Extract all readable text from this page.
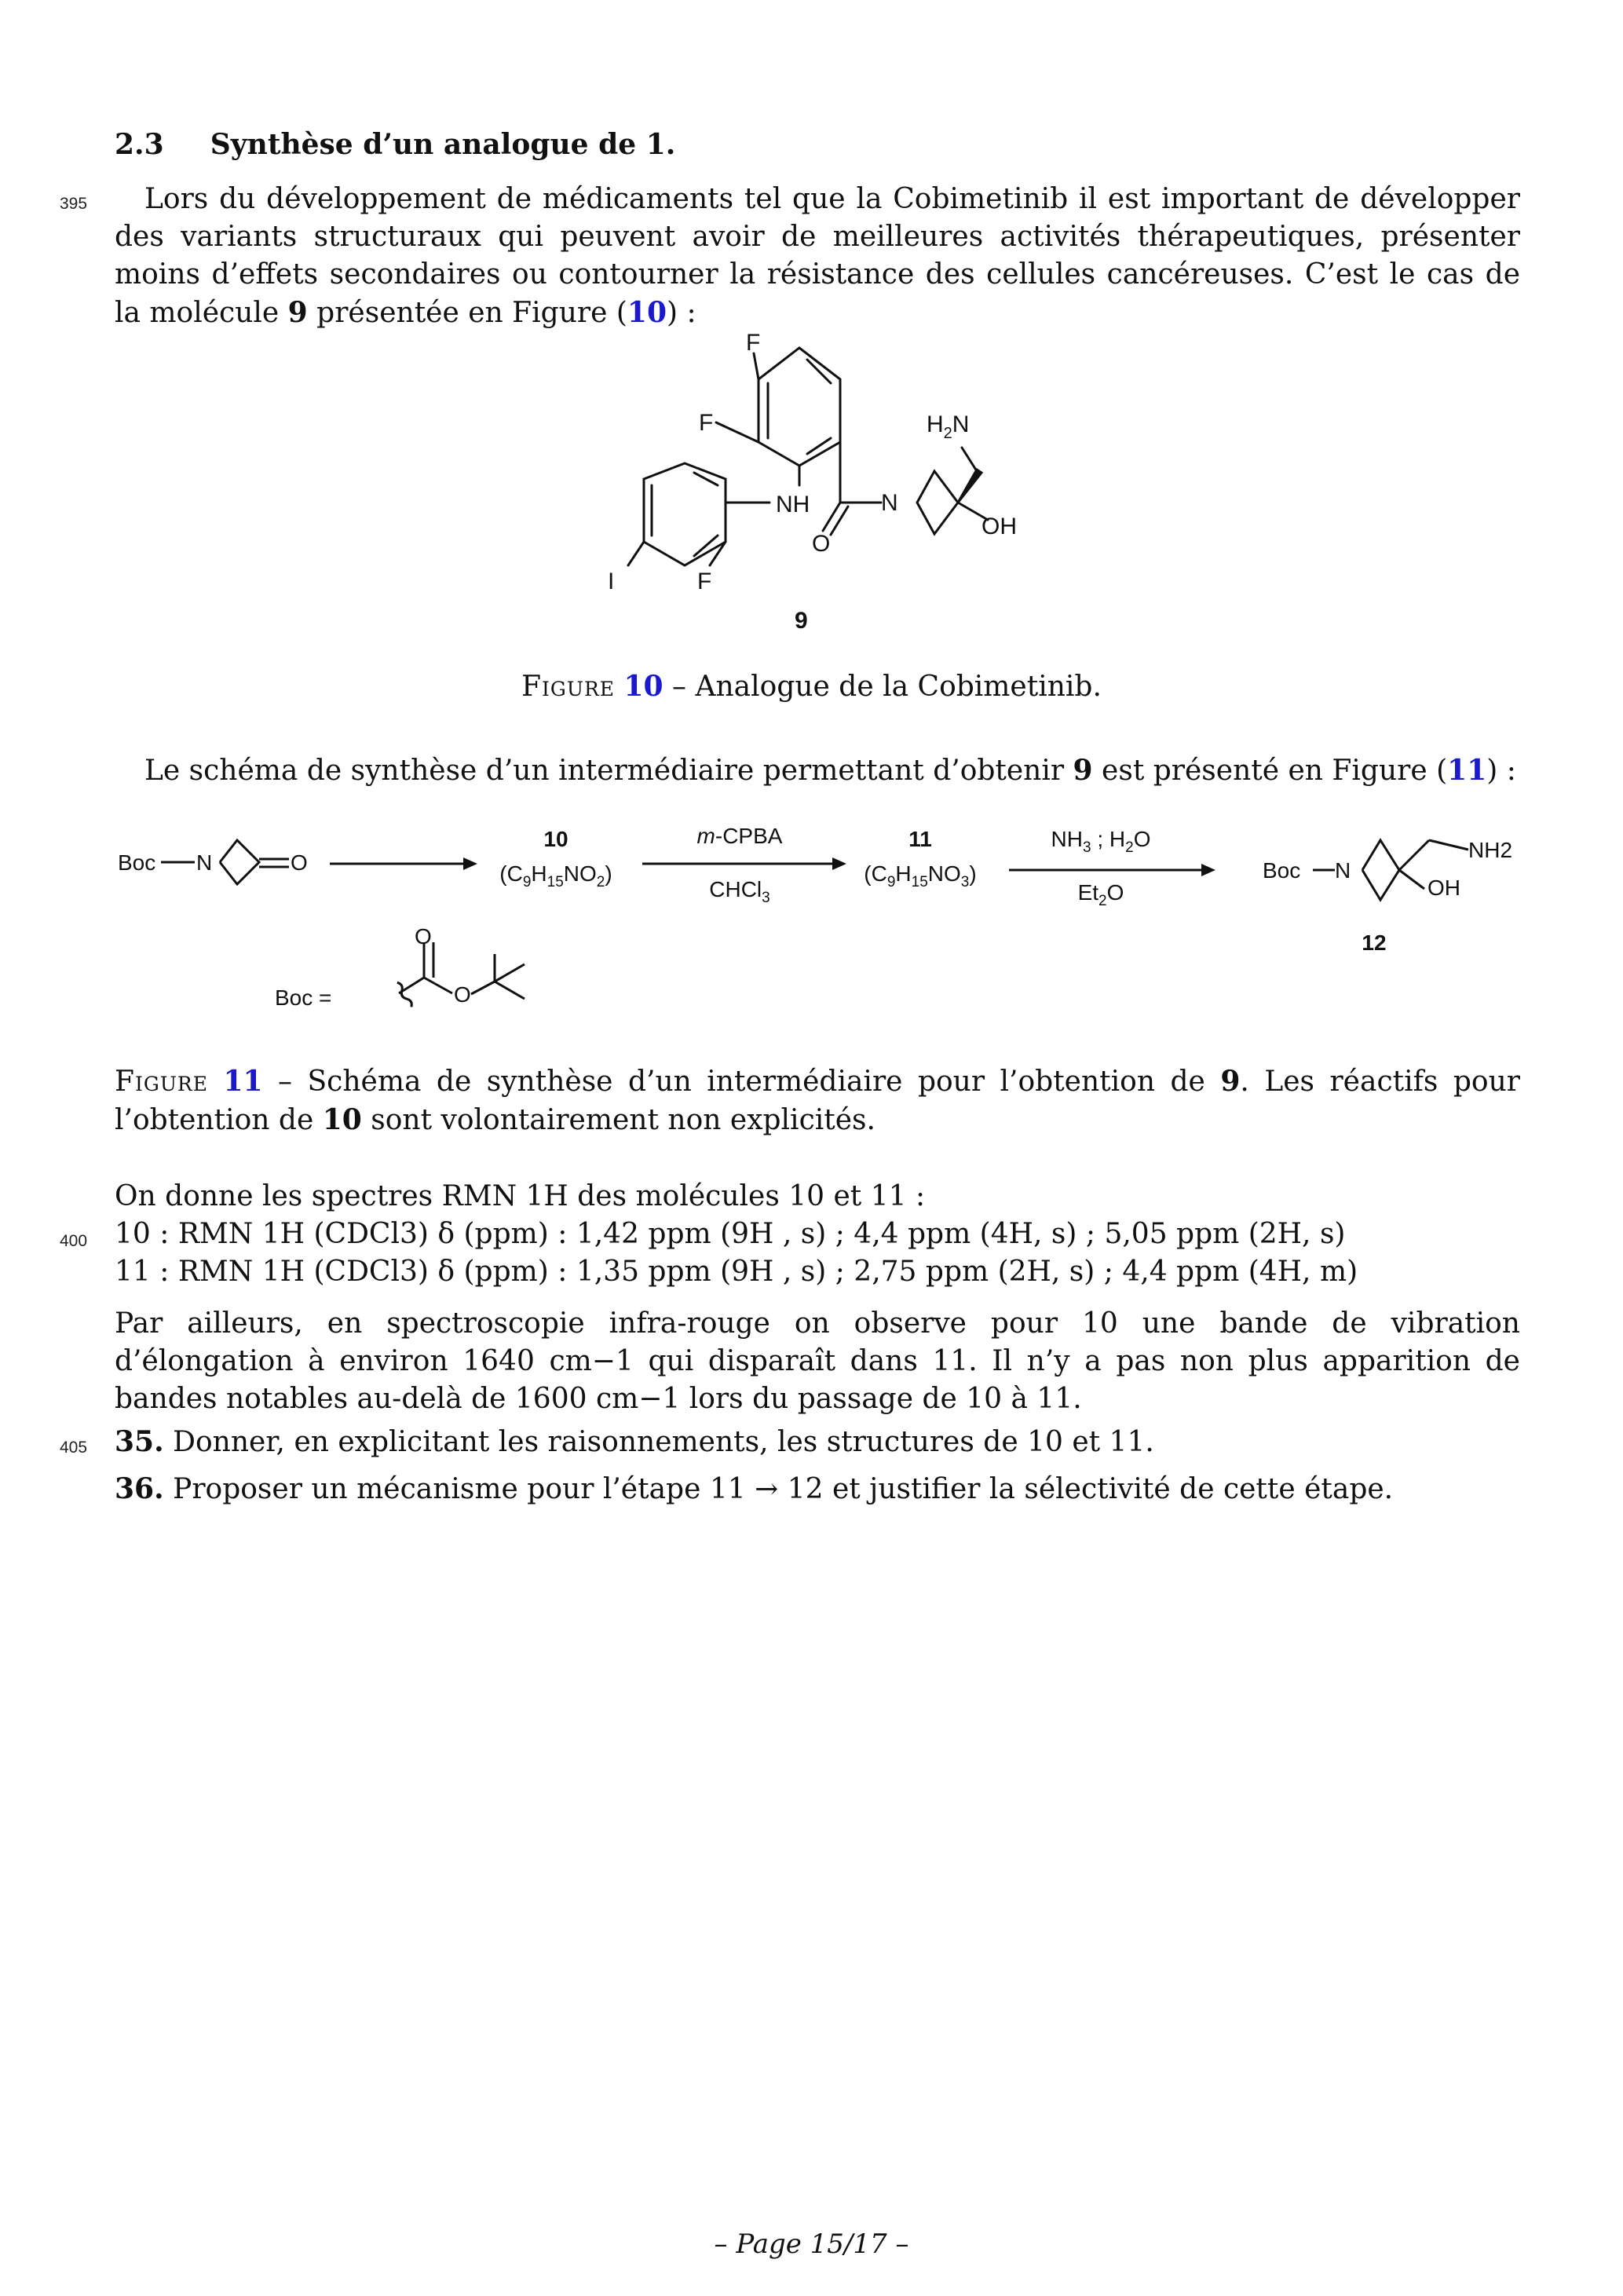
2.3 Synthèse d’un analogue de 1.
395
400
405
Lors du développement de médicaments tel que la Cobimetinib il est important de développer des variants structuraux qui peuvent avoir de meilleures activités thérapeutiques, présenter moins d’effets secondaires ou contourner la résistance des cellules cancéreuses. C’est le cas de la molécule 9 présentée en Figure (10) :
F
F
NH
$H_2N$
N
OH
O
I	F
9
Figure 10 – Analogue de la Cobimetinib.
Le schéma de synthèse d’un intermédiaire permettant d’obtenir 9 est présenté en Figure (11) :
Boc N	O	Boc N
NH2
OH
O
O
10
$(C_9H_{15}NO_2)$
m-CPBA
CHCl$_3$
11
$(C_9H_{15}NO_3)$
$NH_3$ ; $H_2O$
$Et_2O$
12
Boc =
Figure 11 – Schéma de synthèse d’un intermédiaire pour l’obtention de 9. Les réactifs pour l’obtention de 10 sont volontairement non explicités.
On donne les spectres RMN 1H des molécules 10 et 11 :
10 : RMN 1H (CDCl3) δ (ppm) : 1,42 ppm (9H , s) ; 4,4 ppm (4H, s) ; 5,05 ppm (2H, s)
11 : RMN 1H (CDCl3) δ (ppm) : 1,35 ppm (9H , s) ; 2,75 ppm (2H, s) ; 4,4 ppm (4H, m)
Par ailleurs, en spectroscopie infra-rouge on observe pour 10 une bande de vibration d’élongation à environ 1640 cm−1 qui disparaît dans 11. Il n’y a pas non plus apparition de bandes notables au-delà de 1600 cm−1 lors du passage de 10 à 11.
35. Donner, en explicitant les raisonnements, les structures de 10 et 11.
36. Proposer un mécanisme pour l’étape 11 → 12 et justifier la sélectivité de cette étape.
– Page 15/17 –
